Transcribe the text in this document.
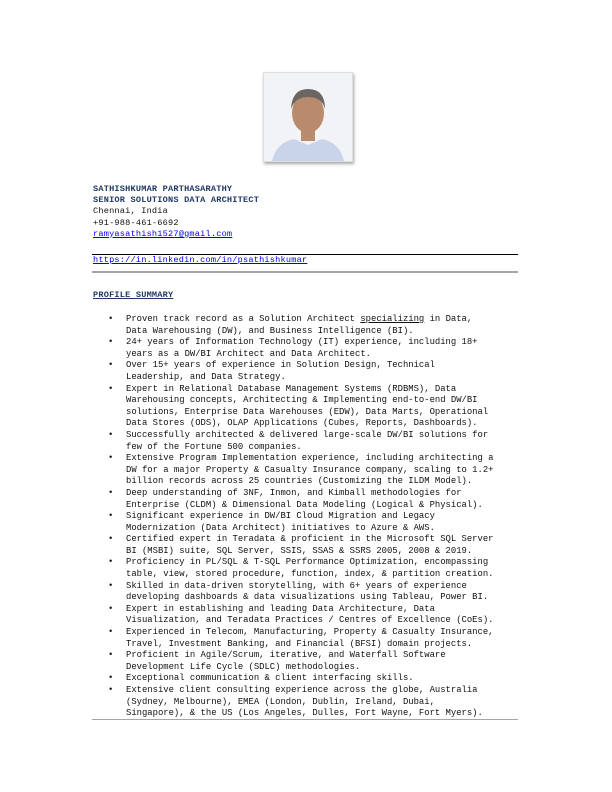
SATHISHKUMAR PARTHASARATHY
SENIOR SOLUTIONS DATA ARCHITECT
Chennai, India
+91-988-461-6692
ramyasathish1527@gmail.com
https://in.linkedin.com/in/psathishkumar
PROFILE SUMMARY
• Proven track record as a Solution Architect specializing in Data,
Data Warehousing (DW), and Business Intelligence (BI).
• 24+ years of Information Technology (IT) experience, including 18+
years as a DW/BI Architect and Data Architect.
• Over 15+ years of experience in Solution Design, Technical
Leadership, and Data Strategy.
• Expert in Relational Database Management Systems (RDBMS), Data
Warehousing concepts, Architecting & Implementing end-to-end DW/BI
solutions, Enterprise Data Warehouses (EDW), Data Marts, Operational
Data Stores (ODS), OLAP Applications (Cubes, Reports, Dashboards).
• Successfully architected & delivered large-scale DW/BI solutions for
few of the Fortune 500 companies.
• Extensive Program Implementation experience, including architecting a
DW for a major Property & Casualty Insurance company, scaling to 1.2+
billion records across 25 countries (Customizing the ILDM Model).
• Deep understanding of 3NF, Inmon, and Kimball methodologies for
Enterprise (CLDM) & Dimensional Data Modeling (Logical & Physical).
• Significant experience in DW/BI Cloud Migration and Legacy
Modernization (Data Architect) initiatives to Azure & AWS.
• Certified expert in Teradata & proficient in the Microsoft SQL Server
BI (MSBI) suite, SQL Server, SSIS, SSAS & SSRS 2005, 2008 & 2019.
• Proficiency in PL/SQL & T-SQL Performance Optimization, encompassing
table, view, stored procedure, function, index, & partition creation.
• Skilled in data-driven storytelling, with 6+ years of experience
developing dashboards & data visualizations using Tableau, Power BI.
• Expert in establishing and leading Data Architecture, Data
Visualization, and Teradata Practices / Centres of Excellence (CoEs).
• Experienced in Telecom, Manufacturing, Property & Casualty Insurance,
Travel, Investment Banking, and Financial (BFSI) domain projects.
• Proficient in Agile/Scrum, iterative, and Waterfall Software
Development Life Cycle (SDLC) methodologies.
• Exceptional communication & client interfacing skills.
• Extensive client consulting experience across the globe, Australia
(Sydney, Melbourne), EMEA (London, Dublin, Ireland, Dubai,
Singapore), & the US (Los Angeles, Dulles, Fort Wayne, Fort Myers).
